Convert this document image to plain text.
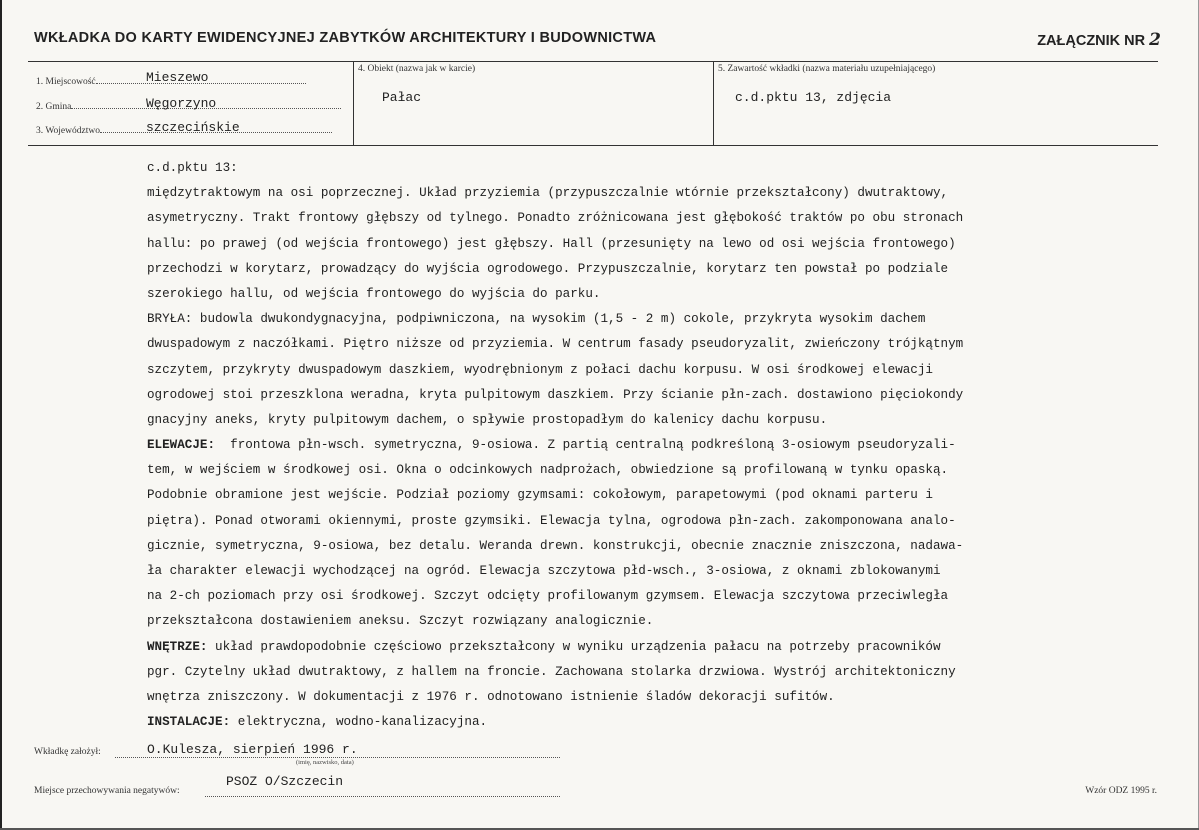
WKŁADKA DO KARTY EWIDENCYJNEJ ZABYTKÓW ARCHITEKTURY I BUDOWNICTWA	ZAŁĄCZNIK NR 2
1. Miejscowość	Mieszewo
2. Gmina	Węgorzyno
3. Województwo	szczecińskie
4. Obiekt (nazwa jak w karcie)
Pałac
5. Zawartość wkładki (nazwa materiału uzupełniającego)
c.d.pktu 13, zdjęcia
c.d.pktu 13:
międzytraktowym na osi poprzecznej. Układ przyziemia (przypuszczalnie wtórnie przekształcony) dwutraktowy,
asymetryczny. Trakt frontowy głębszy od tylnego. Ponadto zróżnicowana jest głębokość traktów po obu stronach
hallu: po prawej (od wejścia frontowego) jest głębszy. Hall (przesunięty na lewo od osi wejścia frontowego)
przechodzi w korytarz, prowadzący do wyjścia ogrodowego. Przypuszczalnie, korytarz ten powstał po podziale
szerokiego hallu, od wejścia frontowego do wyjścia do parku.
BRYŁA: budowla dwukondygnacyjna, podpiwniczona, na wysokim (1,5 - 2 m) cokole, przykryta wysokim dachem
dwuspadowym z naczółkami. Piętro niższe od przyziemia. W centrum fasady pseudoryzalit, zwieńczony trójkątnym
szczytem, przykryty dwuspadowym daszkiem, wyodrębnionym z połaci dachu korpusu. W osi środkowej elewacji
ogrodowej stoi przeszklona weradna, kryta pulpitowym daszkiem. Przy ścianie płn-zach. dostawiono pięciokondy
gnacyjny aneks, kryty pulpitowym dachem, o spływie prostopadłym do kalenicy dachu korpusu.
ELEWACJE:  frontowa płn-wsch. symetryczna, 9-osiowa. Z partią centralną podkreśloną 3-osiowym pseudoryzali-
tem, w wejściem w środkowej osi. Okna o odcinkowych nadprożach, obwiedzione są profilowaną w tynku opaską.
Podobnie obramione jest wejście. Podział poziomy gzymsami: cokołowym, parapetowymi (pod oknami parteru i
piętra). Ponad otworami okiennymi, proste gzymsiki. Elewacja tylna, ogrodowa płn-zach. zakomponowana analo-
gicznie, symetryczna, 9-osiowa, bez detalu. Weranda drewn. konstrukcji, obecnie znacznie zniszczona, nadawa-
ła charakter elewacji wychodzącej na ogród. Elewacja szczytowa płd-wsch., 3-osiowa, z oknami zblokowanymi
na 2-ch poziomach przy osi środkowej. Szczyt odcięty profilowanym gzymsem. Elewacja szczytowa przeciwległa
przekształcona dostawieniem aneksu. Szczyt rozwiązany analogicznie.
WNĘTRZE: układ prawdopodobnie częściowo przekształcony w wyniku urządzenia pałacu na potrzeby pracowników
pgr. Czytelny układ dwutraktowy, z hallem na froncie. Zachowana stolarka drzwiowa. Wystrój architektoniczny
wnętrza zniszczony. W dokumentacji z 1976 r. odnotowano istnienie śladów dekoracji sufitów.
INSTALACJE: elektryczna, wodno-kanalizacyjna.
Wkładkę założył:	O.Kulesza, sierpień 1996 r.
(imię, nazwisko, data)
Miejsce przechowywania negatywów:
PSOZ O/Szczecin
Wzór ODZ 1995 r.
